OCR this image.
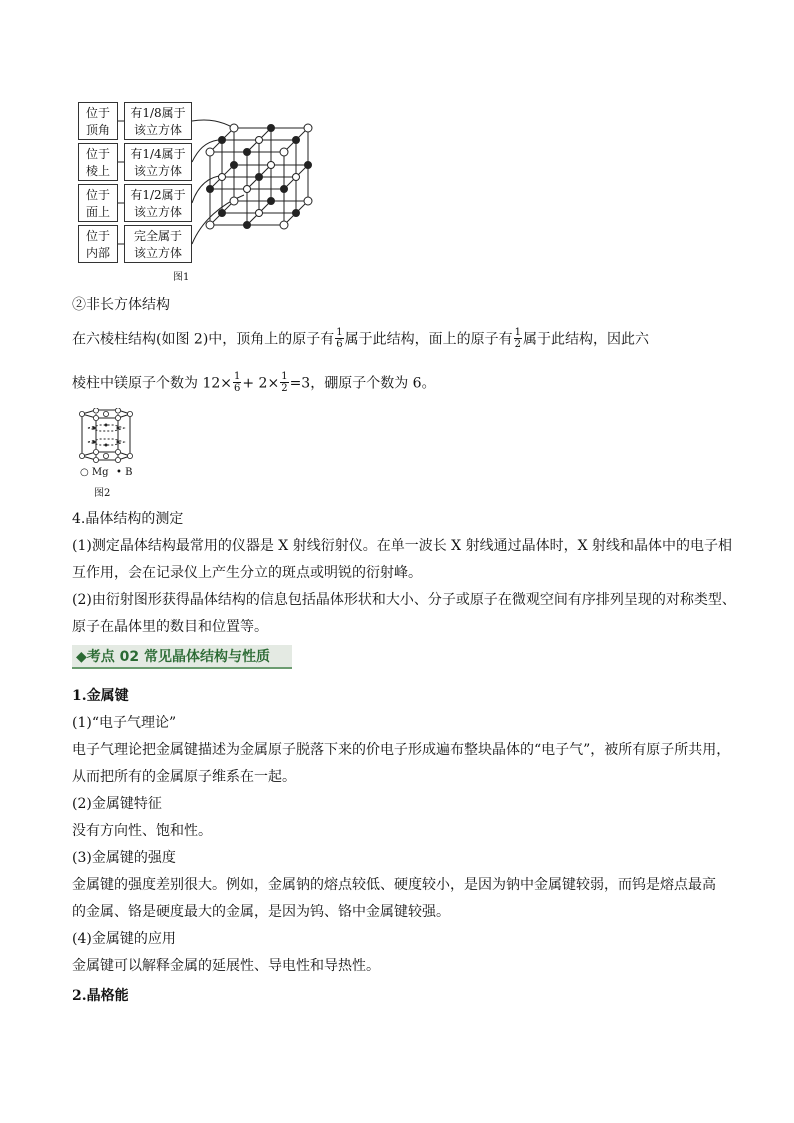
位于
顶角
位于
棱上
位于
面上
位于
内部
有1/8属于
该立方体
有1/4属于
该立方体
有1/2属于
该立方体
完全属于
该立方体
图1
②非长方体结构
在六棱柱结构(如图 2)中，顶角上的原子有 $\frac{1}{6}$ 属于此结构，面上的原子有 $\frac{1}{2}$ 属于此结构，因此六
棱柱中镁原子个数为 $12\times \frac{1}{6} + 2\times \frac{1}{2} =3$，硼原子个数为 6。
○ Mg • B
图2
4.晶体结构的测定
(1)测定晶体结构最常用的仪器是 X 射线衍射仪。在单一波长 X 射线通过晶体时，X 射线和晶体中的电子相
互作用，会在记录仪上产生分立的斑点或明锐的衍射峰。
(2)由衍射图形获得晶体结构的信息包括晶体形状和大小、分子或原子在微观空间有序排列呈现的对称类型、
原子在晶体里的数目和位置等。
◆考点 02 常见晶体结构与性质
1.金属键
(1)“电子气理论”
电子气理论把金属键描述为金属原子脱落下来的价电子形成遍布整块晶体的“电子气”，被所有原子所共用，
从而把所有的金属原子维系在一起。
(2)金属键特征
没有方向性、饱和性。
(3)金属键的强度
金属键的强度差别很大。例如，金属钠的熔点较低、硬度较小，是因为钠中金属键较弱，而钨是熔点最高
的金属、铬是硬度最大的金属，是因为钨、铬中金属键较强。
(4)金属键的应用
金属键可以解释金属的延展性、导电性和导热性。
2.晶格能
